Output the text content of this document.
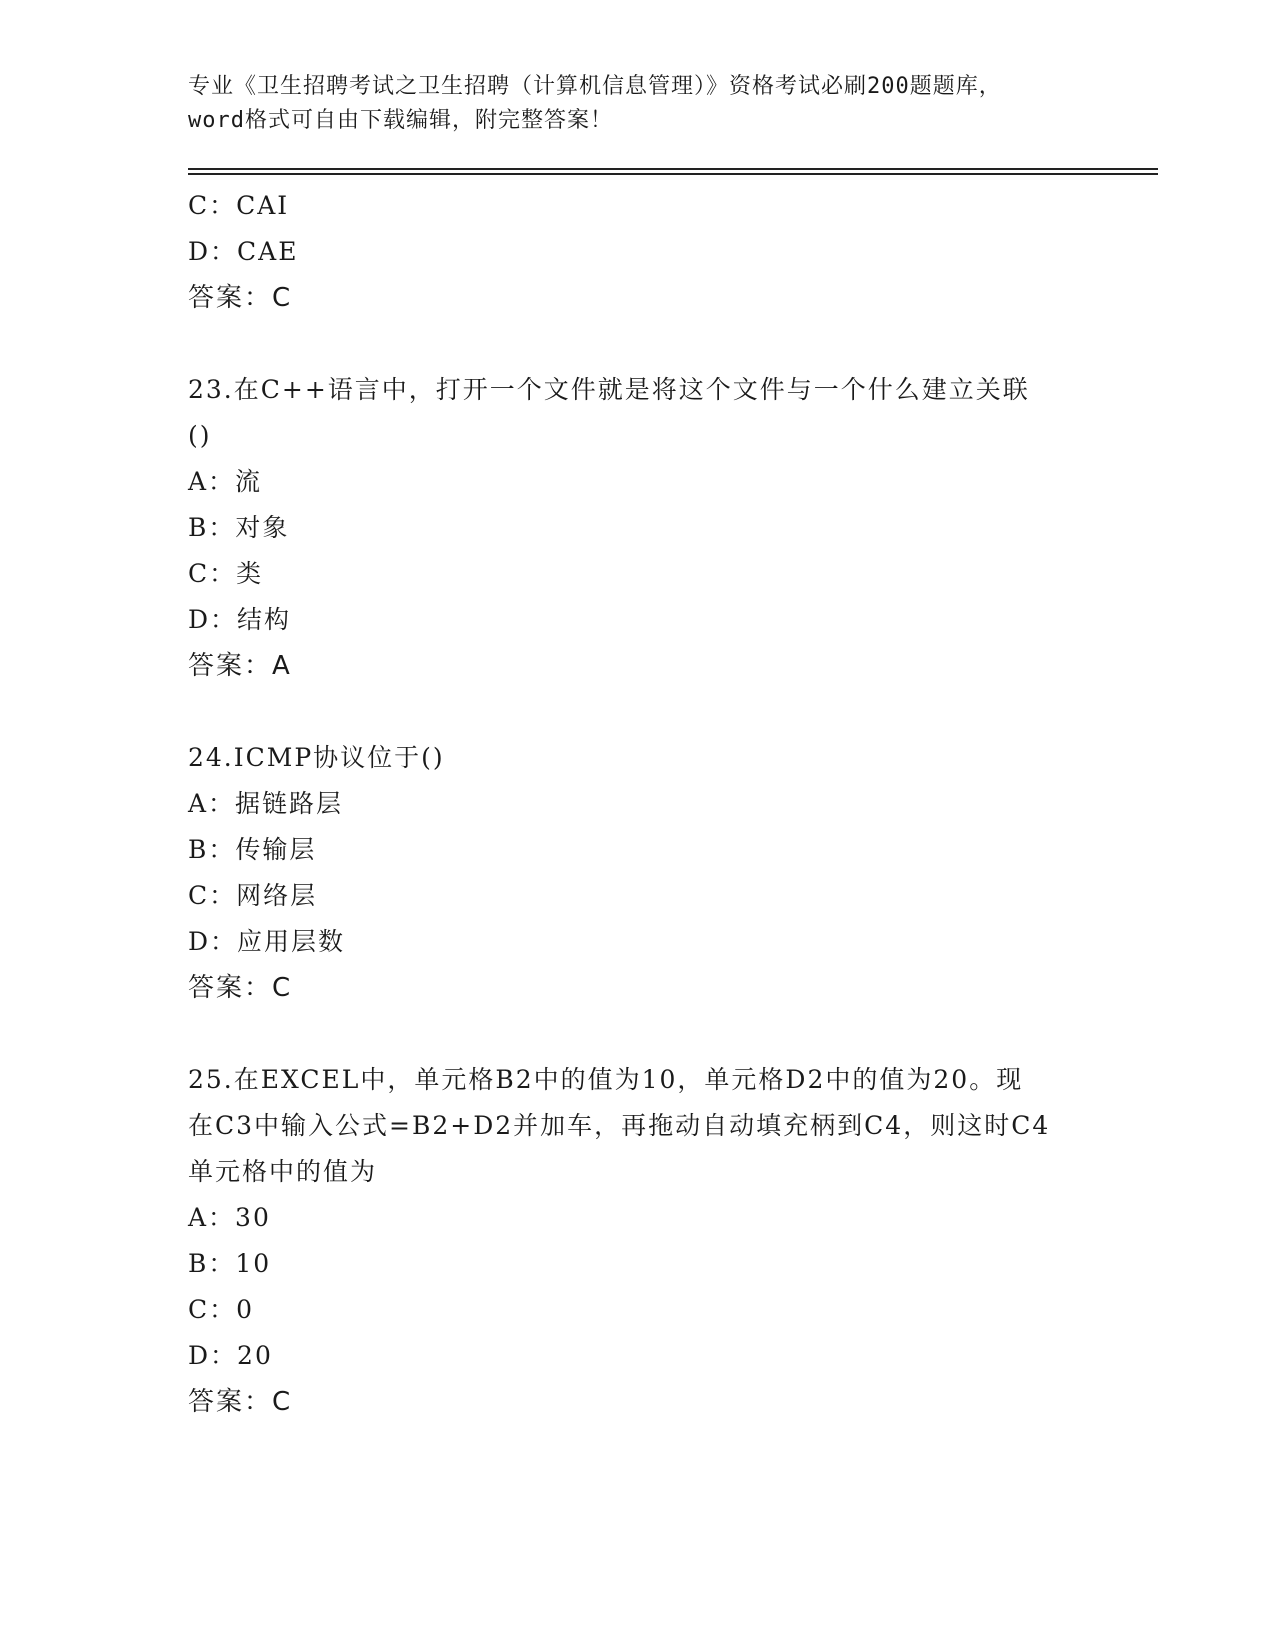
专业《卫生招聘考试之卫生招聘（计算机信息管理）》资格考试必刷200题题库，
word格式可自由下载编辑，附完整答案！
C：CAI
D：CAE
答案：C
23.在C++语言中，打开一个文件就是将这个文件与一个什么建立关联
()
A：流
B：对象
C：类
D：结构
答案：A
24.ICMP协议位于()
A：据链路层
B：传输层
C：网络层
D：应用层数
答案：C
25.在EXCEL中，单元格B2中的值为10，单元格D2中的值为20。现
在C3中输入公式=B2+D2并加车，再拖动自动填充柄到C4，则这时C4
单元格中的值为
A：30
B：10
C：0
D：20
答案：C
